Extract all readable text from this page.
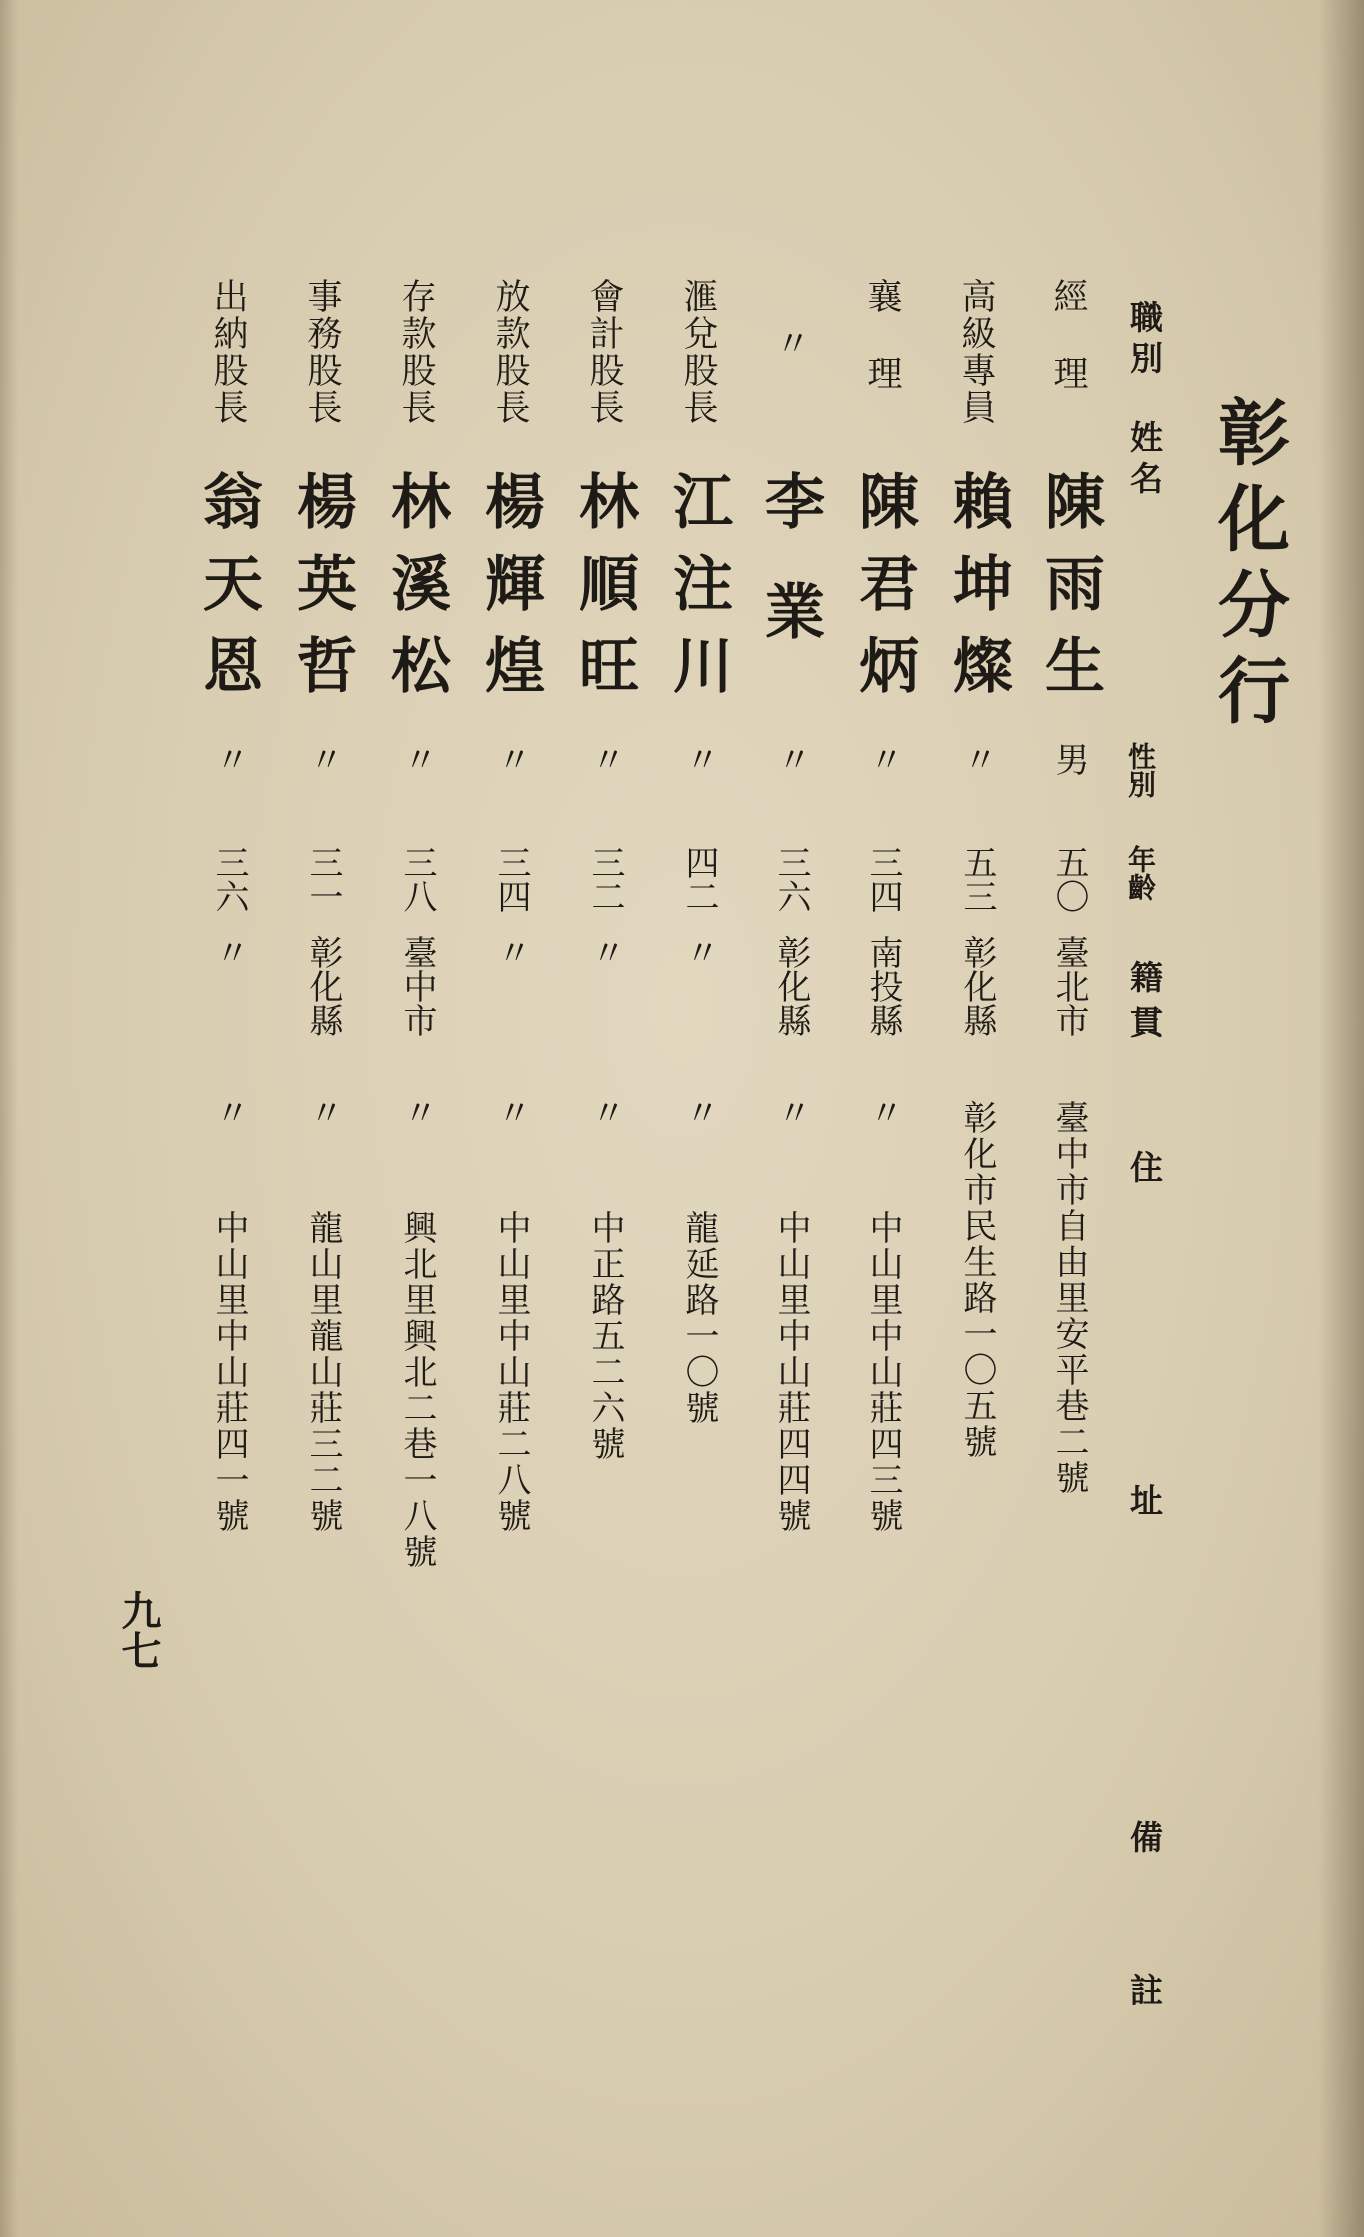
彰化分行
職別
姓名
性別
年齡
籍貫
住址
備註
經理
陳雨生
男
五〇
臺北市
臺中市自由里安平巷二號
高級專員
賴坤燦
〃
五三
彰化縣
彰化市民生路一〇五號
襄理
陳君炳
〃
三四
南投縣
〃
中山里中山莊四三號
〃
李業
〃
三六
彰化縣
〃
中山里中山莊四四號
滙兌股長
江注川
〃
四二
〃
〃
龍延路一〇號
會計股長
林順旺
〃
三二
〃
〃
中正路五二六號
放款股長
楊輝煌
〃
三四
〃
〃
中山里中山莊二八號
存款股長
林溪松
〃
三八
臺中市
〃
興北里興北二巷一八號
事務股長
楊英哲
〃
三一
彰化縣
〃
龍山里龍山莊三二號
出納股長
翁天恩
〃
三六
〃
〃
中山里中山莊四一號
九七
